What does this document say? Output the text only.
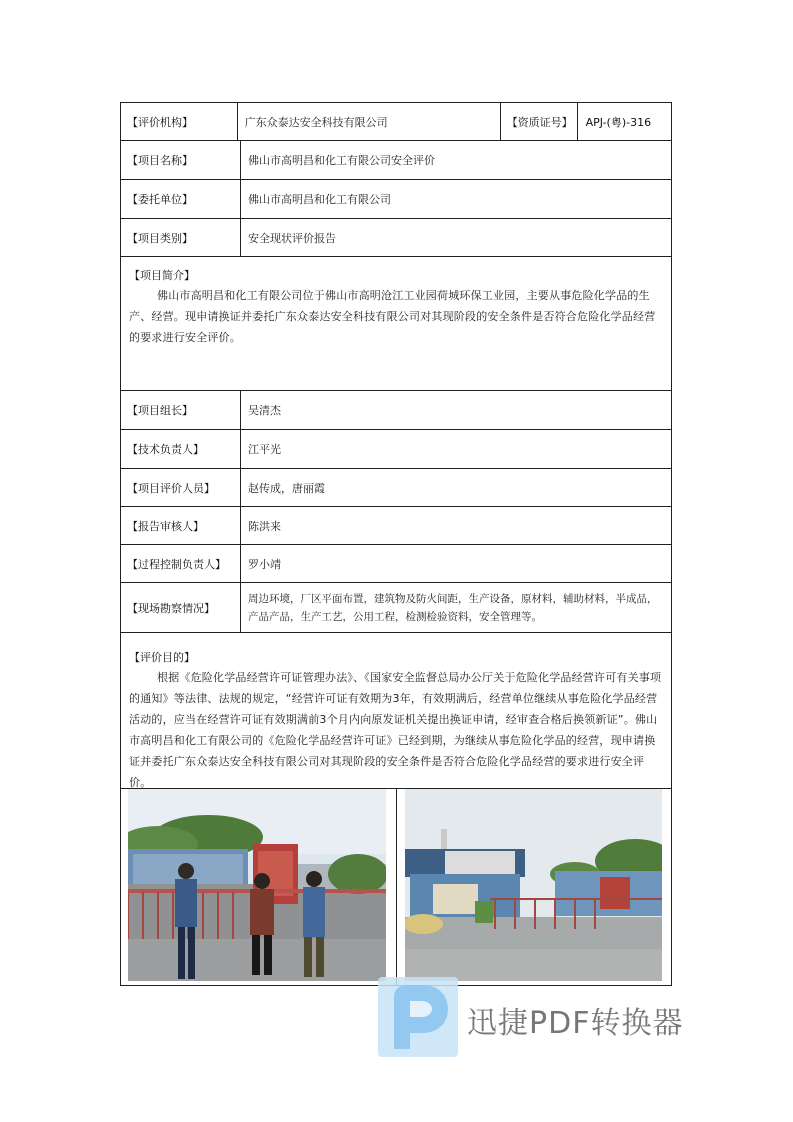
【评价机构】	广东众泰达安全科技有限公司	【资质证号】	APJ-(粤)-316
【项目名称】	佛山市高明昌和化工有限公司安全评价
【委托单位】	佛山市高明昌和化工有限公司
【项目类别】	安全现状评价报告
【项目简介】
佛山市高明昌和化工有限公司位于佛山市高明沧江工业园荷城环保工业园，主要从事危险化学品的生产、经营。现申请换证并委托广东众泰达安全科技有限公司对其现阶段的安全条件是否符合危险化学品经营的要求进行安全评价。
【项目组长】	吴清杰
【技术负责人】	江平光
【项目评价人员】	赵传成，唐丽霞
【报告审核人】	陈洪来
【过程控制负责人】	罗小靖
【现场勘察情况】
周边环境，厂区平面布置，建筑物及防火间距，生产设备，原材料，辅助材料，半成品，产品产品，生产工艺，公用工程，检测检验资料，安全管理等。
【评价目的】
根据《危险化学品经营许可证管理办法》、《国家安全监督总局办公厅关于危险化学品经营许可有关事项的通知》等法律、法规的规定，“经营许可证有效期为3年，有效期满后，经营单位继续从事危险化学品经营活动的，应当在经营许可证有效期满前3个月内向原发证机关提出换证申请，经审查合格后换领新证”。佛山市高明昌和化工有限公司的《危险化学品经营许可证》已经到期，为继续从事危险化学品的经营，现申请换证并委托广东众泰达安全科技有限公司对其现阶段的安全条件是否符合危险化学品经营的要求进行安全评价。
迅捷PDF转换器
